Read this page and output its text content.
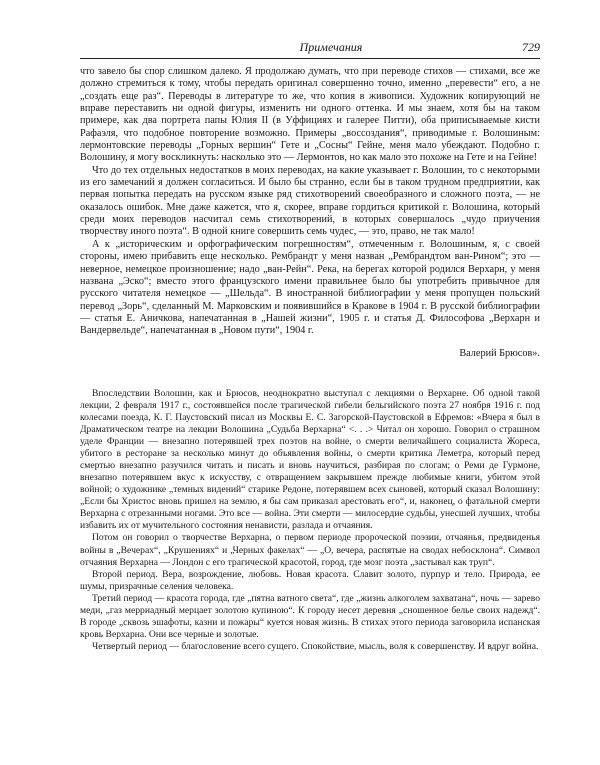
Примечания	729

что завело бы спор слишком далеко. Я продолжаю думать, что при переводе стихов — стихами, все же должно стремиться к тому, чтобы передать оригинал совершенно точно, именно „перевести“ его, а не „создать еще раз“. Переводы в литературе то же, что копия в живописи. Художник копирующий не вправе переставить ни одной фигуры, изменить ни одного оттенка. И мы знаем, хотя бы на таком примере, как два портрета папы Юлия II (в Уффициях и галерее Питти), оба приписываемые кисти Рафаэля, что подобное повторение возможно. Примеры „воссоздания“, приводимые г. Волошиным: лермонтовские переводы „Горных вершин“ Гете и „Сосны“ Гейне, меня мало убеждают. Подобно г. Волошину, я могу воскликнуть: насколько это — Лермонтов, но как мало это похоже на Гете и на Гейне!

Что до тех отдельных недостатков в моих переводах, на какие указывает г. Волошин, то с некоторыми из его замечаний я должен согласиться. И было бы странно, если бы в таком трудном предприятии, как первая попытка передать на русском языке ряд стихотворений своеобразного и сложного поэта, — не оказалось ошибок. Мне даже кажется, что я, скорее, вправе гордиться критикой г. Волошина, который среди моих переводов насчитал семь стихотворений, в которых совершалось „чудо приучения творчеству иного поэта“. В одной книге совершить семь чудес, — это, право, не так мало!

А к „историческим и орфографическим погрешностям“, отмеченным г. Волошиным, я, с своей стороны, имею прибавить еще несколько. Рембрандт у меня назван „Рембрандтом ван-Рином“; это — неверное, немецкое произношение; надо „ван-Рейн“. Река, на берегах которой родился Верхарн, у меня названа „Эско“; вместо этого французского имени правильнее было бы употребить привычное для русского читателя немецкое — „Шельда“. В иностранной библиографии у меня пропущен польский перевод „Зорь“, сделанный М. Марковским и появившийся в Кракове в 1904 г. В русской библиографии — статья Е. Аничкова, напечатанная в „Нашей жизни“, 1905 г. и статья Д. Философова „Верхарн и Вандервельде“, напечатанная в „Новом пути“, 1904 г.

Валерий Брюсов».

Впоследствии Волошин, как и Брюсов, неоднократно выступал с лекциями о Верхарне. Об одной такой лекции, 2 февраля 1917 г., состоявшейся после трагической гибели бельгийского поэта 27 ноября 1916 г. под колесами поезда, К. Г. Паустовский писал из Москвы Е. С. Загорской-Паустовской в Ефремов: «Вчера я был в Драматическом театре на лекции Волошина „Судьба Верхарна“ <. . .> Читал он хорошо. Говорил о страшном уделе Франции — внезапно потерявшей трех поэтов на войне, о смерти величайшего социалиста Жореса, убитого в ресторане за несколько минут до объявления войны, о смерти критика Леметра, который перед смертью внезапно разучился читать и писать и вновь научиться, разбирая по слогам; о Реми де Гурмоне, внезапно потерявшем вкус к искусству, с отвращением закрывшем прежде любимые книги, убитом этой войной; о художнике „темных видений“ старике Редоне, потерявшем всех сыновей, который сказал Волошину: „Если бы Христос вновь пришел на землю, я бы сам приказал арестовать его“, и, наконец, о фатальной смерти Верхарна с отрезанными ногами. Это все — война. Эти смерти — милосердие судьбы, унесшей лучших, чтобы избавить их от мучительного состояния ненависти, разлада и отчаяния.

Потом он говорил о творчестве Верхарна, о первом периоде пророческой поэзии, отчаянья, предвиденья войны в „Вечерах“, „Крушениях“ и „Черных факелах“ — „О, вечера, распятые на сводах небосклона“. Символ отчаяния Верхарна — Лондон с его трагической красотой, город, где мозг поэта „застывал как труп“.

Второй период. Вера, возрождение, любовь. Новая красота. Славит золото, пурпур и тело. Природа, ее шумы, призрачные селения человека.

Третий период — красота города, где „пятна ватного света“, где „жизнь алкоголем захватана“, ночь — зарево меди, „газ мерриадный мерцает золотою купиною“. К городу несет деревня „сношенное белье своих надежд“. В городе „сквозь эшафоты, казни и пожары“ куется новая жизнь. В стихах этого периода заговорила испанская кровь Верхарна. Они все черные и золотые.

Четвертый период — благословение всего сущего. Спокойствие, мысль, воля к совершенству. И вдруг война.
